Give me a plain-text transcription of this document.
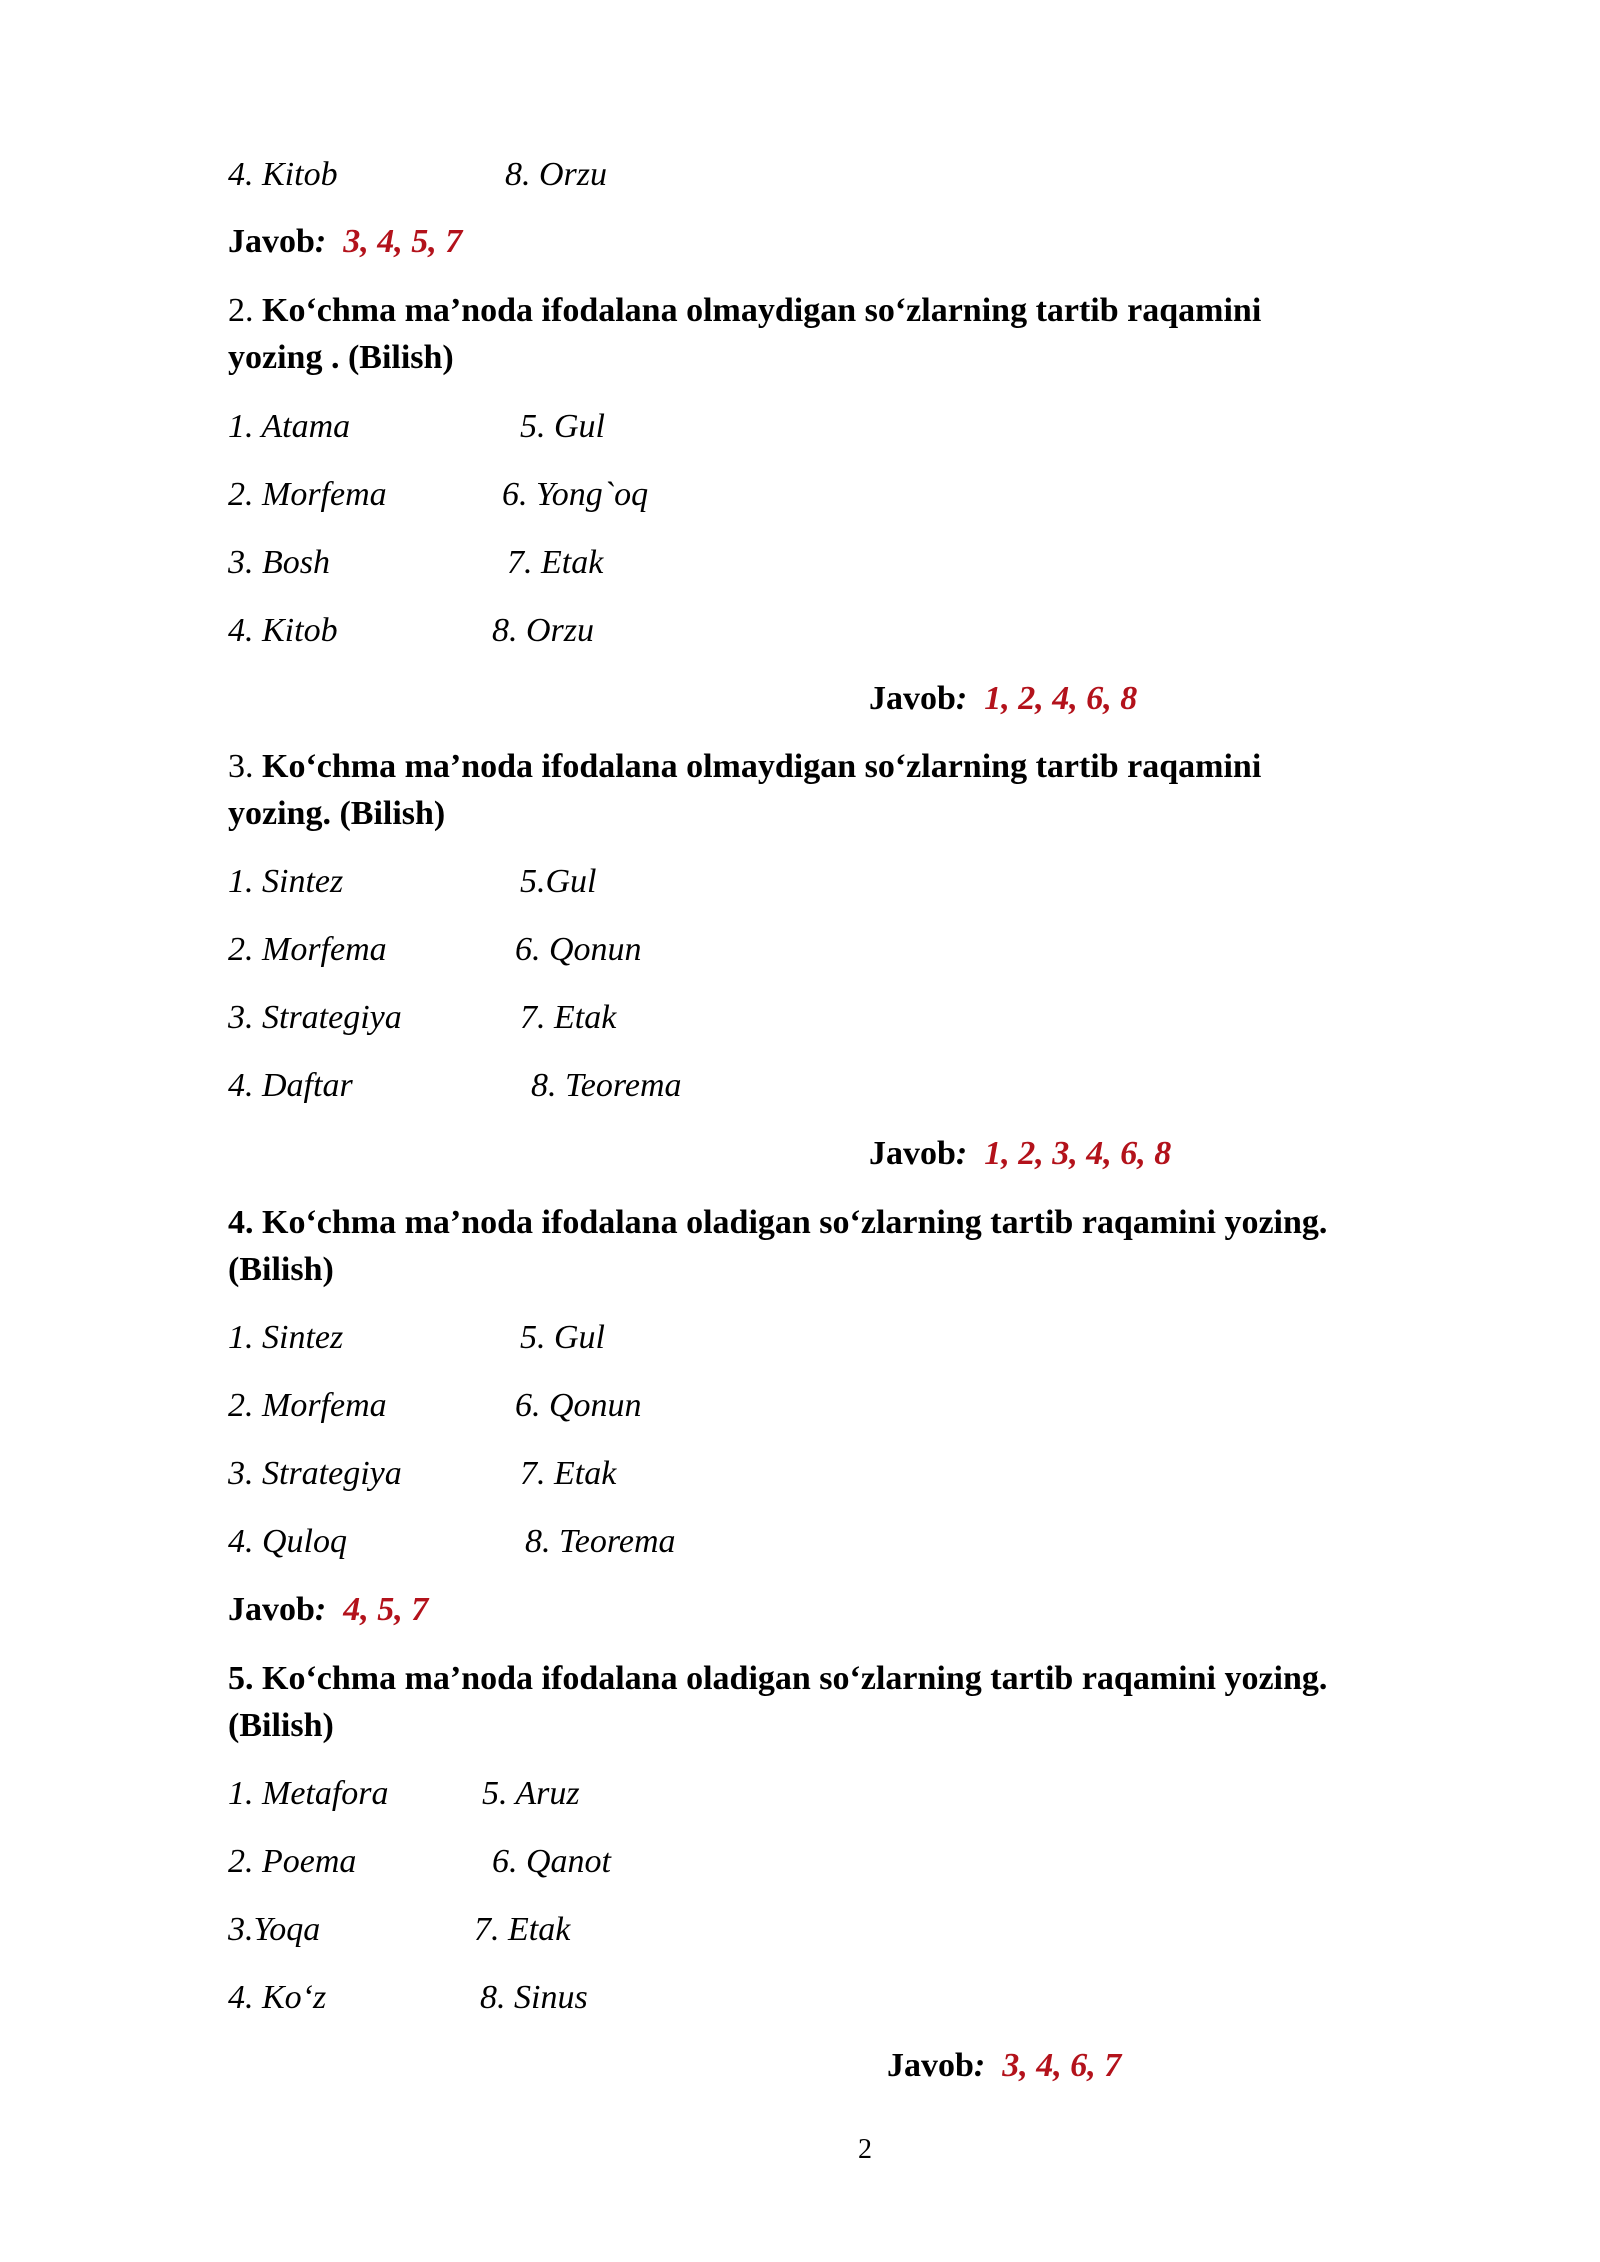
4. Kitob	8. Orzu
Javob: 3, 4, 5, 7
2. Ko‘chma ma’noda ifodalana olmaydigan so‘zlarning tartib raqamini
yozing . (Bilish)
1. Atama	5. Gul
2. Morfema	6. Yong`oq
3. Bosh	7. Etak
4. Kitob	8. Orzu
Javob: 1, 2, 4, 6, 8
3. Ko‘chma ma’noda ifodalana olmaydigan so‘zlarning tartib raqamini
yozing. (Bilish)
1. Sintez	5.Gul
2. Morfema	6. Qonun
3. Strategiya	7. Etak
4. Daftar	8. Teorema
Javob: 1, 2, 3, 4, 6, 8
4. Ko‘chma ma’noda ifodalana oladigan so‘zlarning tartib raqamini yozing.
(Bilish)
1. Sintez	5. Gul
2. Morfema	6. Qonun
3. Strategiya	7. Etak
4. Quloq	8. Teorema
Javob: 4, 5, 7
5. Ko‘chma ma’noda ifodalana oladigan so‘zlarning tartib raqamini yozing.
(Bilish)
1. Metafora	5. Aruz
2. Poema	6. Qanot
3.Yoqa	7. Etak
4. Ko‘z	8. Sinus
Javob: 3, 4, 6, 7
2
